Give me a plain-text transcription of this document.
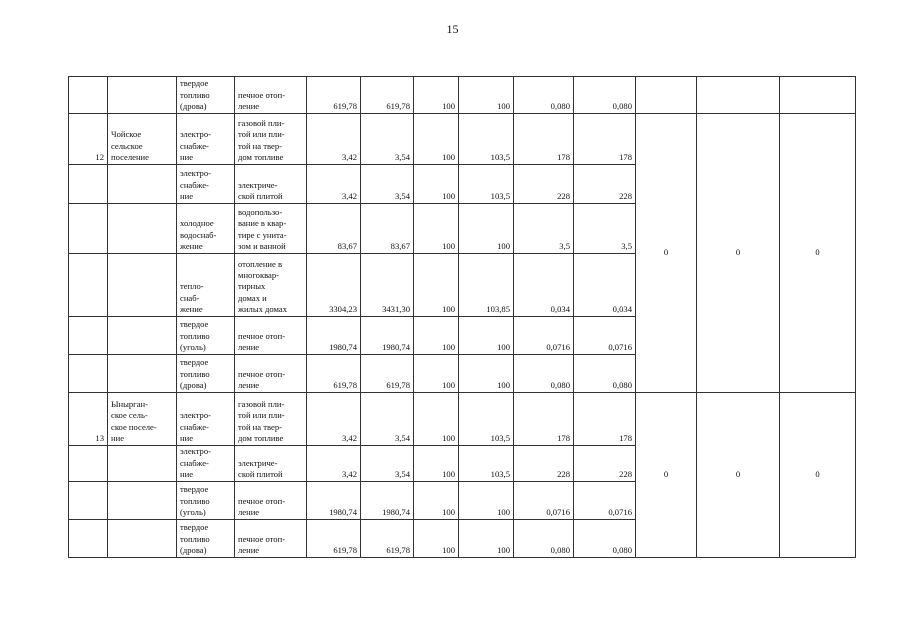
15
		твердое
топливо
(дрова)	печное отоп-
ление	619,78	619,78	100	100	0,080	0,080			
12	Чойское
сельское
поселение	электро-
снабже-
ние	газовой пли-
той или пли-
той на твер-
дом топливе	3,42	3,54	100	103,5	178	178	0	0	0
		электро-
снабже-
ние	электриче-
ской плитой	3,42	3,54	100	103,5	228	228			
		холодное
водоснаб-
жение	водопользо-
вание в квар-
тире с унита-
зом и ванной	83,67	83,67	100	100	3,5	3,5			
		тепло-
снаб-
жение	отопление в
многоквар-
тирных
домах и
жилых домах	3304,23	3431,30	100	103,85	0,034	0,034			
		твердое
топливо
(уголь)	печное отоп-
ление	1980,74	1980,74	100	100	0,0716	0,0716			
		твердое
топливо
(дрова)	печное отоп-
ление	619,78	619,78	100	100	0,080	0,080			
13	Ынырган-
ское сель-
ское поселе-
ние	электро-
снабже-
ние	газовой пли-
той или пли-
той на твер-
дом топливе	3,42	3,54	100	103,5	178	178	0	0	0
		электро-
снабже-
ние	электриче-
ской плитой	3,42	3,54	100	103,5	228	228			
		твердое
топливо
(уголь)	печное отоп-
ление	1980,74	1980,74	100	100	0,0716	0,0716			
		твердое
топливо
(дрова)	печное отоп-
ление	619,78	619,78	100	100	0,080	0,080			
